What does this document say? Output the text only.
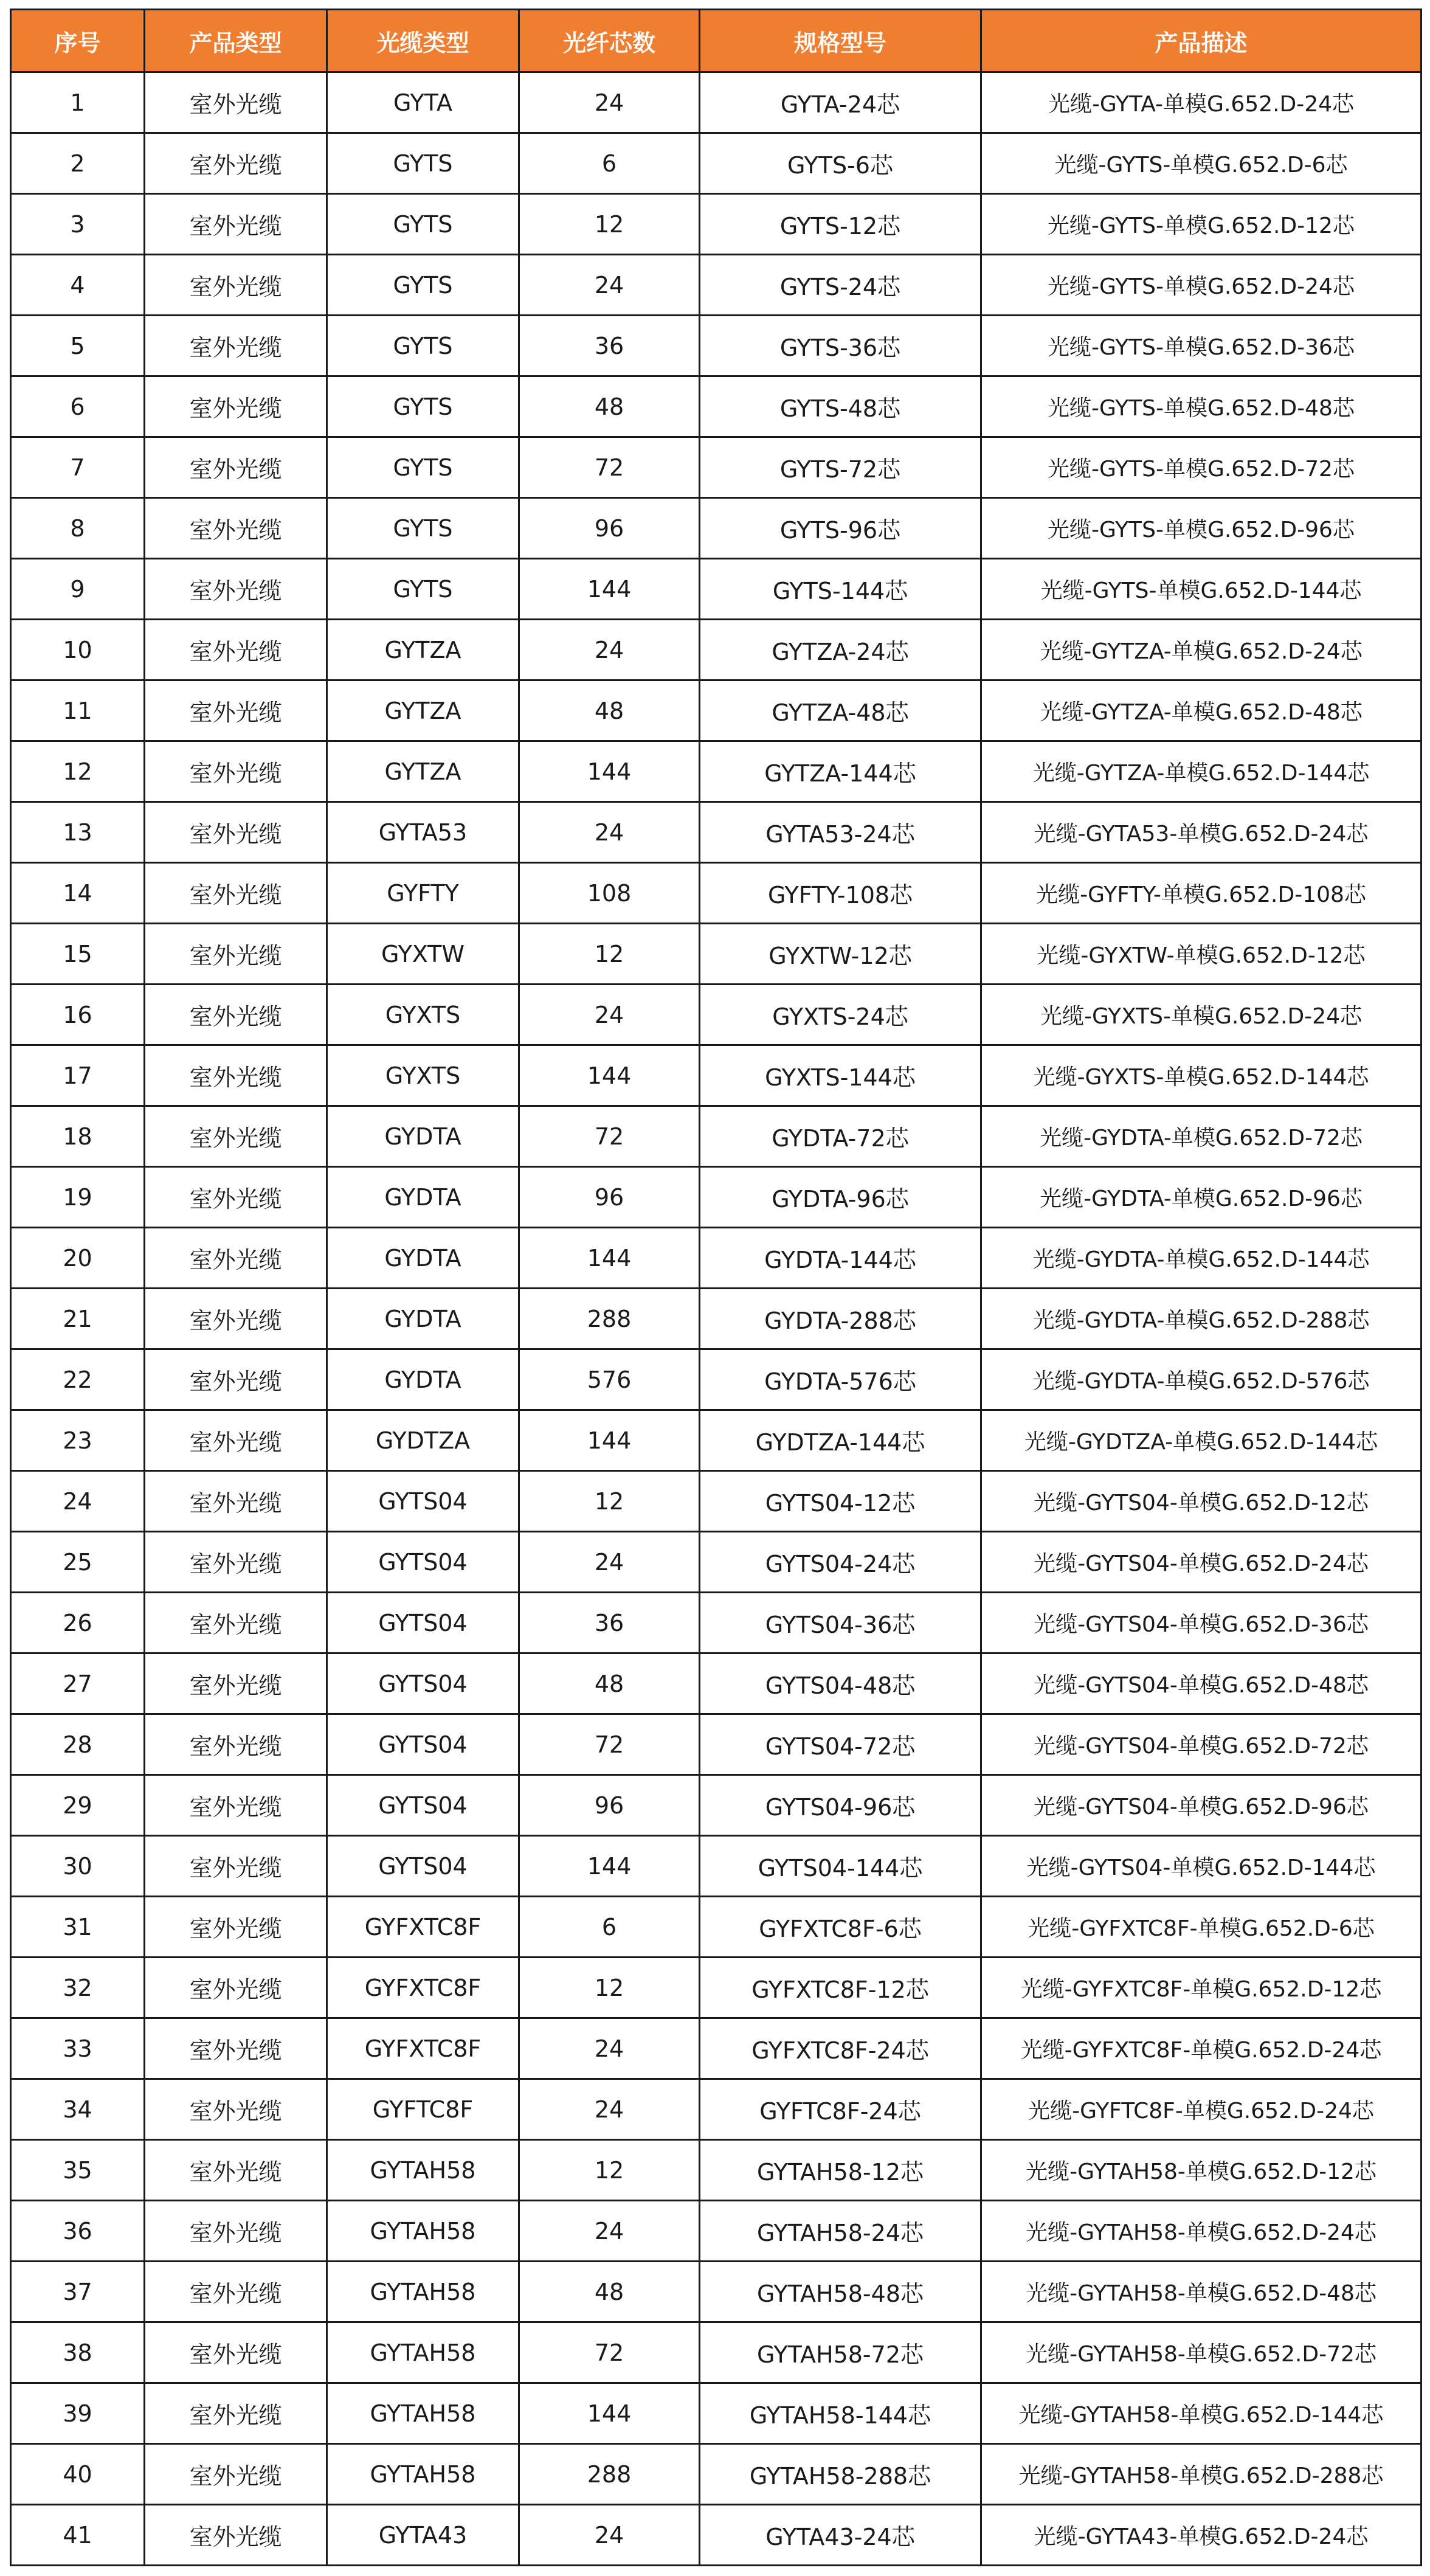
序号	产品类型	光缆类型	光纤芯数	规格型号	产品描述
1	室外光缆	GYTA	24	GYTA-24芯	光缆-GYTA-单模G.652.D-24芯
2	室外光缆	GYTS	6	GYTS-6芯	光缆-GYTS-单模G.652.D-6芯
3	室外光缆	GYTS	12	GYTS-12芯	光缆-GYTS-单模G.652.D-12芯
4	室外光缆	GYTS	24	GYTS-24芯	光缆-GYTS-单模G.652.D-24芯
5	室外光缆	GYTS	36	GYTS-36芯	光缆-GYTS-单模G.652.D-36芯
6	室外光缆	GYTS	48	GYTS-48芯	光缆-GYTS-单模G.652.D-48芯
7	室外光缆	GYTS	72	GYTS-72芯	光缆-GYTS-单模G.652.D-72芯
8	室外光缆	GYTS	96	GYTS-96芯	光缆-GYTS-单模G.652.D-96芯
9	室外光缆	GYTS	144	GYTS-144芯	光缆-GYTS-单模G.652.D-144芯
10	室外光缆	GYTZA	24	GYTZA-24芯	光缆-GYTZA-单模G.652.D-24芯
11	室外光缆	GYTZA	48	GYTZA-48芯	光缆-GYTZA-单模G.652.D-48芯
12	室外光缆	GYTZA	144	GYTZA-144芯	光缆-GYTZA-单模G.652.D-144芯
13	室外光缆	GYTA53	24	GYTA53-24芯	光缆-GYTA53-单模G.652.D-24芯
14	室外光缆	GYFTY	108	GYFTY-108芯	光缆-GYFTY-单模G.652.D-108芯
15	室外光缆	GYXTW	12	GYXTW-12芯	光缆-GYXTW-单模G.652.D-12芯
16	室外光缆	GYXTS	24	GYXTS-24芯	光缆-GYXTS-单模G.652.D-24芯
17	室外光缆	GYXTS	144	GYXTS-144芯	光缆-GYXTS-单模G.652.D-144芯
18	室外光缆	GYDTA	72	GYDTA-72芯	光缆-GYDTA-单模G.652.D-72芯
19	室外光缆	GYDTA	96	GYDTA-96芯	光缆-GYDTA-单模G.652.D-96芯
20	室外光缆	GYDTA	144	GYDTA-144芯	光缆-GYDTA-单模G.652.D-144芯
21	室外光缆	GYDTA	288	GYDTA-288芯	光缆-GYDTA-单模G.652.D-288芯
22	室外光缆	GYDTA	576	GYDTA-576芯	光缆-GYDTA-单模G.652.D-576芯
23	室外光缆	GYDTZA	144	GYDTZA-144芯	光缆-GYDTZA-单模G.652.D-144芯
24	室外光缆	GYTS04	12	GYTS04-12芯	光缆-GYTS04-单模G.652.D-12芯
25	室外光缆	GYTS04	24	GYTS04-24芯	光缆-GYTS04-单模G.652.D-24芯
26	室外光缆	GYTS04	36	GYTS04-36芯	光缆-GYTS04-单模G.652.D-36芯
27	室外光缆	GYTS04	48	GYTS04-48芯	光缆-GYTS04-单模G.652.D-48芯
28	室外光缆	GYTS04	72	GYTS04-72芯	光缆-GYTS04-单模G.652.D-72芯
29	室外光缆	GYTS04	96	GYTS04-96芯	光缆-GYTS04-单模G.652.D-96芯
30	室外光缆	GYTS04	144	GYTS04-144芯	光缆-GYTS04-单模G.652.D-144芯
31	室外光缆	GYFXTC8F	6	GYFXTC8F-6芯	光缆-GYFXTC8F-单模G.652.D-6芯
32	室外光缆	GYFXTC8F	12	GYFXTC8F-12芯	光缆-GYFXTC8F-单模G.652.D-12芯
33	室外光缆	GYFXTC8F	24	GYFXTC8F-24芯	光缆-GYFXTC8F-单模G.652.D-24芯
34	室外光缆	GYFTC8F	24	GYFTC8F-24芯	光缆-GYFTC8F-单模G.652.D-24芯
35	室外光缆	GYTAH58	12	GYTAH58-12芯	光缆-GYTAH58-单模G.652.D-12芯
36	室外光缆	GYTAH58	24	GYTAH58-24芯	光缆-GYTAH58-单模G.652.D-24芯
37	室外光缆	GYTAH58	48	GYTAH58-48芯	光缆-GYTAH58-单模G.652.D-48芯
38	室外光缆	GYTAH58	72	GYTAH58-72芯	光缆-GYTAH58-单模G.652.D-72芯
39	室外光缆	GYTAH58	144	GYTAH58-144芯	光缆-GYTAH58-单模G.652.D-144芯
40	室外光缆	GYTAH58	288	GYTAH58-288芯	光缆-GYTAH58-单模G.652.D-288芯
41	室外光缆	GYTA43	24	GYTA43-24芯	光缆-GYTA43-单模G.652.D-24芯
